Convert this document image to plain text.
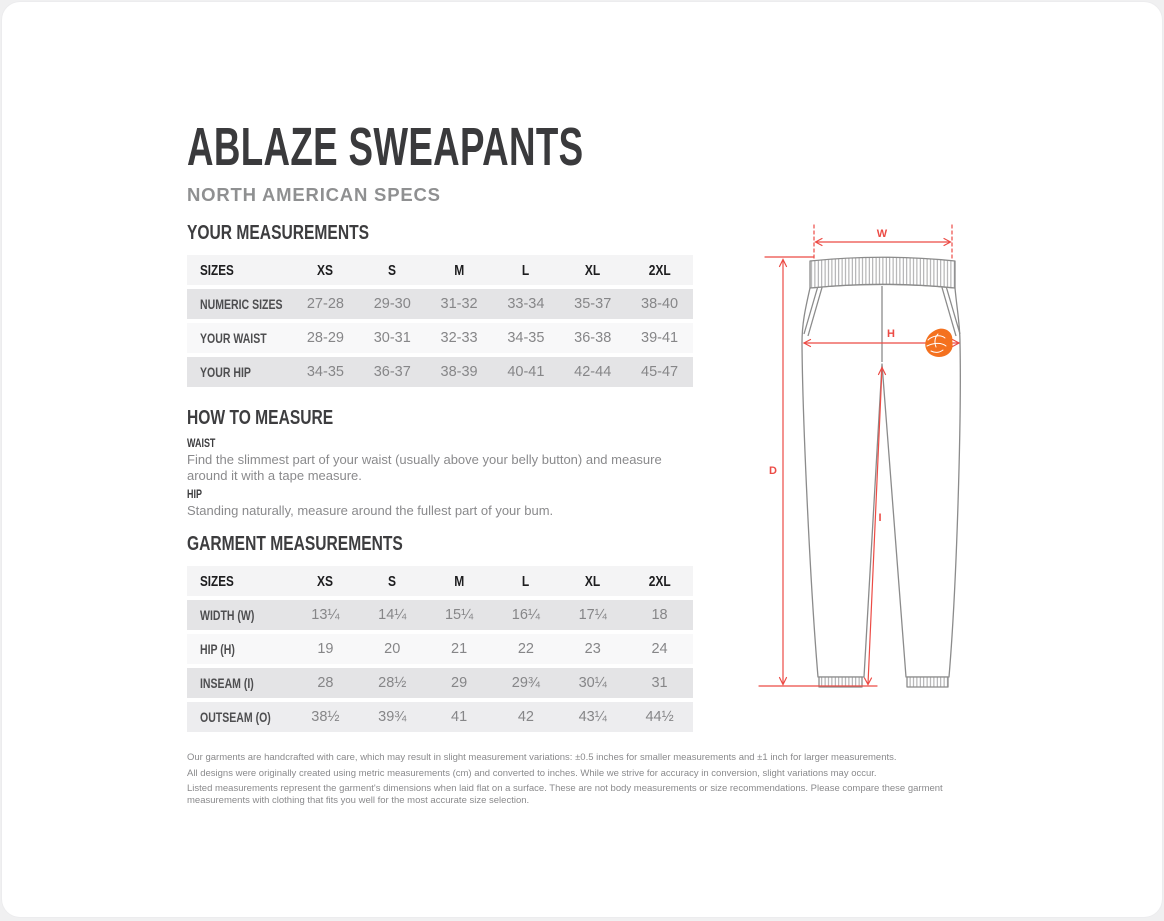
ABLAZE SWEAPANTS
NORTH AMERICAN SPECS
YOUR MEASUREMENTS
SIZES	XS	S	M	L	XL	2XL
NUMERIC SIZES	27-28	29-30	31-32	33-34	35-37	38-40
YOUR WAIST	28-29	30-31	32-33	34-35	36-38	39-41
YOUR HIP	34-35	36-37	38-39	40-41	42-44	45-47
HOW TO MEASURE
WAIST
Find the slimmest part of your waist (usually above your belly button) and measure around it with a tape measure.
HIP
Standing naturally, measure around the fullest part of your bum.
GARMENT MEASUREMENTS
SIZES	XS	S	M	L	XL	2XL
WIDTH (W)	13¼	14¼	15¼	16¼	17¼	18
HIP (H)	19	20	21	22	23	24
INSEAM (I)	28	28½	29	29¾	30¼	31
OUTSEAM (O)	38½	39¾	41	42	43¼	44½

Our garments are handcrafted with care, which may result in slight measurement variations: ±0.5 inches for smaller measurements and ±1 inch for larger measurements.

All designs were originally created using metric measurements (cm) and converted to inches. While we strive for accuracy in conversion, slight variations may occur.

Listed measurements represent the garment's dimensions when laid flat on a surface. These are not body measurements or size recommendations. Please compare these garment measurements with clothing that fits you well for the most accurate size selection.

W
H
D
I
